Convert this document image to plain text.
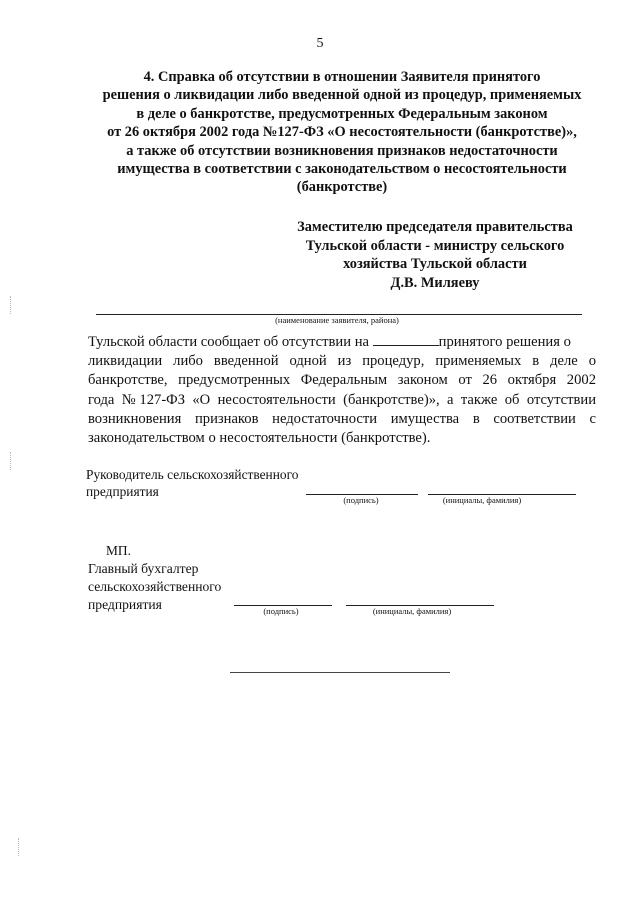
5
4. Справка об отсутствии в отношении Заявителя принятого
решения о ликвидации либо введенной одной из процедур, применяемых
в деле о банкротстве, предусмотренных Федеральным законом
от 26 октября 2002 года №127-ФЗ «О несостоятельности (банкротстве)»,
а также об отсутствии возникновения признаков недостаточности
имущества в соответствии с законодательством о несостоятельности
(банкротстве)
Заместителю председателя правительства
Тульской области - министру сельского
хозяйства Тульской области
Д.В. Миляеву
(наименование заявителя, района)
Тульской области сообщает об отсутствии на	принятого решения о
ликвидации либо введенной одной из процедур, применяемых в деле о
банкротстве, предусмотренных Федеральным законом от 26 октября 2002
года №127-ФЗ «О несостоятельности (банкротстве)», а также об отсутствии
возникновения признаков недостаточности имущества в соответствии с
законодательством о несостоятельности (банкротстве).
Руководитель сельскохозяйственного
предприятия
(подпись)	(инициалы, фамилия)
МП.
Главный бухгалтер
сельскохозяйственного
предприятия	(подпись)	(инициалы, фамилия)
